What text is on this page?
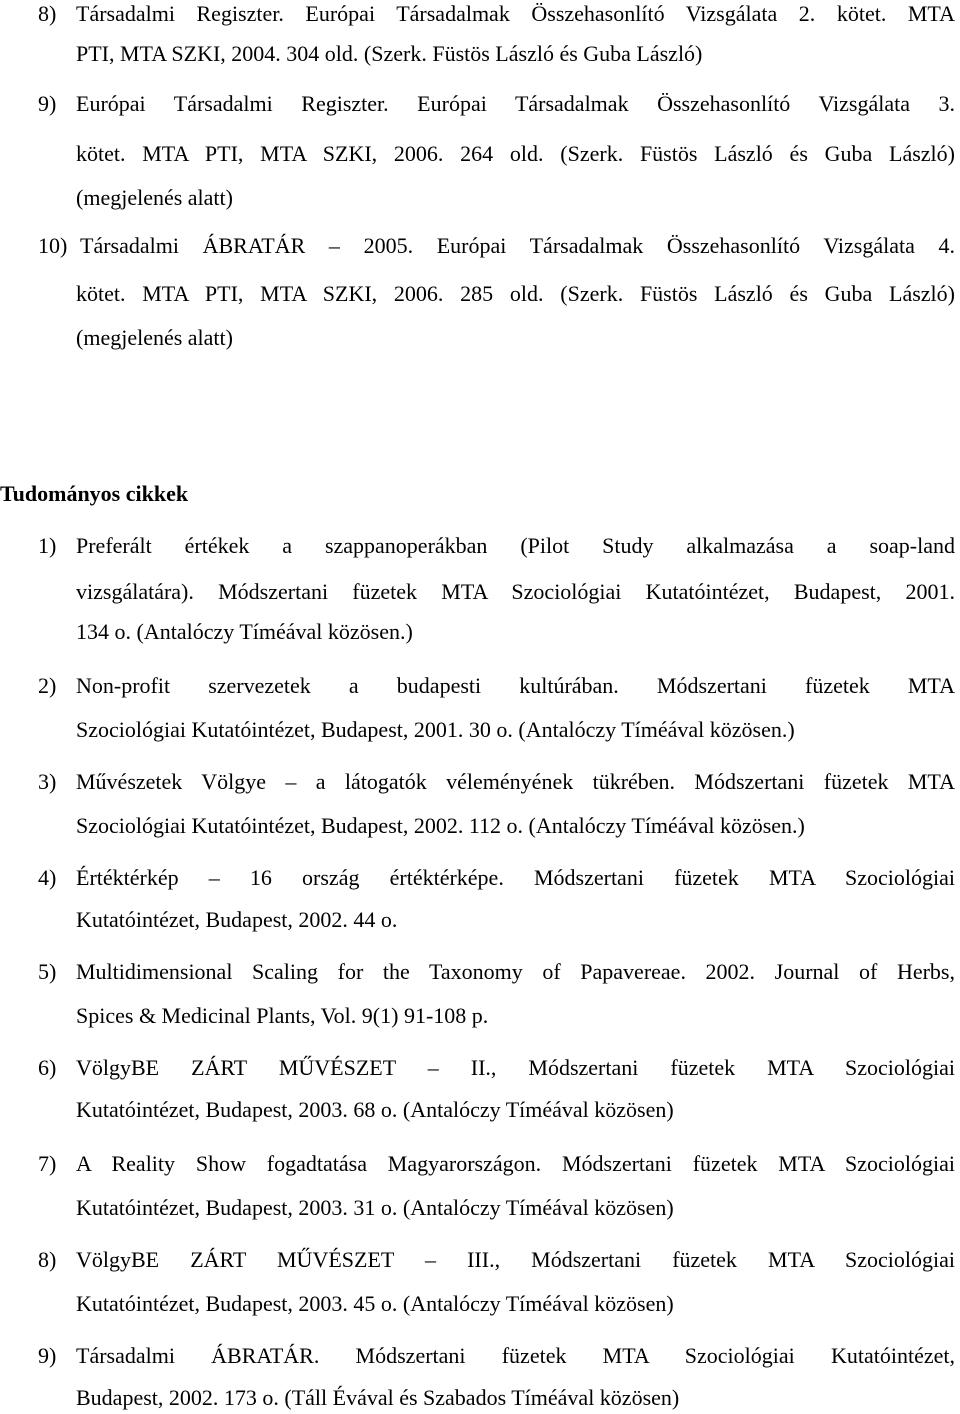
8) Társadalmi Regiszter. Európai Társadalmak Összehasonlító Vizsgálata 2. kötet. MTA
PTI, MTA SZKI, 2004. 304 old. (Szerk. Füstös László és Guba László)
9) Európai Társadalmi Regiszter. Európai Társadalmak Összehasonlító Vizsgálata 3.
kötet. MTA PTI, MTA SZKI, 2006. 264 old. (Szerk. Füstös László és Guba László)
(megjelenés alatt)
10) Társadalmi ÁBRATÁR – 2005. Európai Társadalmak Összehasonlító Vizsgálata 4.
kötet. MTA PTI, MTA SZKI, 2006. 285 old. (Szerk. Füstös László és Guba László)
(megjelenés alatt)
Tudományos cikkek
1) Preferált értékek a szappanoperákban (Pilot Study alkalmazása a soap-land
vizsgálatára). Módszertani füzetek MTA Szociológiai Kutatóintézet, Budapest, 2001.
134 o. (Antalóczy Tíméával közösen.)
2) Non-profit szervezetek a budapesti kultúrában. Módszertani füzetek MTA
Szociológiai Kutatóintézet, Budapest, 2001. 30 o. (Antalóczy Tíméával közösen.)
3) Művészetek Völgye – a látogatók véleményének tükrében. Módszertani füzetek MTA
Szociológiai Kutatóintézet, Budapest, 2002. 112 o. (Antalóczy Tíméával közösen.)
4) Értéktérkép – 16 ország értéktérképe. Módszertani füzetek MTA Szociológiai
Kutatóintézet, Budapest, 2002. 44 o.
5) Multidimensional Scaling for the Taxonomy of Papavereae. 2002. Journal of Herbs,
Spices & Medicinal Plants, Vol. 9(1) 91-108 p.
6) VölgyBE ZÁRT MŰVÉSZET – II., Módszertani füzetek MTA Szociológiai
Kutatóintézet, Budapest, 2003. 68 o. (Antalóczy Tíméával közösen)
7) A Reality Show fogadtatása Magyarországon. Módszertani füzetek MTA Szociológiai
Kutatóintézet, Budapest, 2003. 31 o. (Antalóczy Tíméával közösen)
8) VölgyBE ZÁRT MŰVÉSZET – III., Módszertani füzetek MTA Szociológiai
Kutatóintézet, Budapest, 2003. 45 o. (Antalóczy Tíméával közösen)
9) Társadalmi ÁBRATÁR. Módszertani füzetek MTA Szociológiai Kutatóintézet,
Budapest, 2002. 173 o. (Táll Évával és Szabados Tíméával közösen)
